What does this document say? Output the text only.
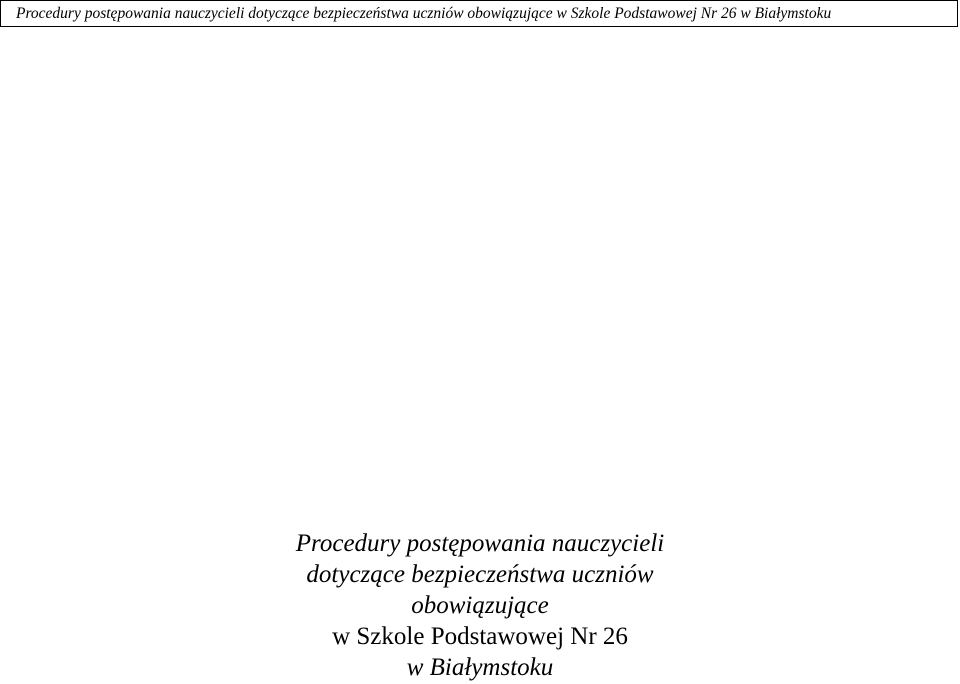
Procedury postępowania nauczycieli dotyczące bezpieczeństwa uczniów obowiązujące w Szkole Podstawowej Nr 26 w Białymstoku
Procedury postępowania nauczycieli
dotyczące bezpieczeństwa uczniów
obowiązujące
w Szkole Podstawowej Nr 26
w Białymstoku
